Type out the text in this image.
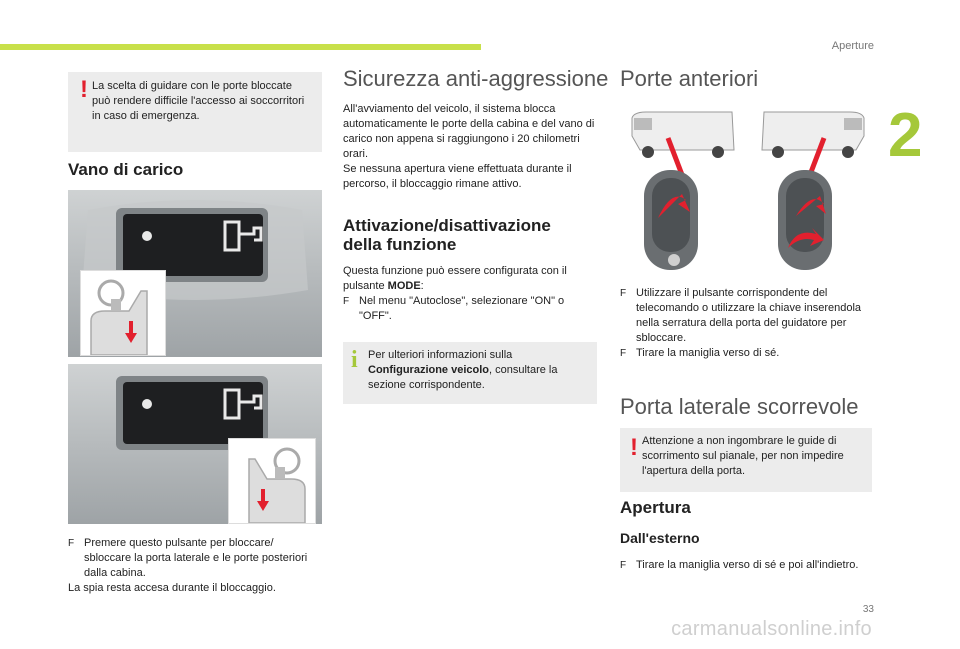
Aperture
2
! La scelta di guidare con le porte bloccate può rendere difficile l'accesso ai soccorritori in caso di emergenza.

Vano di carico
F Premere questo pulsante per bloccare/ sbloccare la porta laterale e le porte posteriori dalla cabina.

La spia resta accesa durante il bloccaggio.

Sicurezza anti-aggressione

All'avviamento del veicolo, il sistema blocca automaticamente le porte della cabina e del vano di carico non appena si raggiungono i 20 chilometri orari.

Se nessuna apertura viene effettuata durante il percorso, il bloccaggio rimane attivo.

Attivazione/disattivazione della funzione

Questa funzione può essere configurata con il pulsante MODE:

F Nel menu "Autoclose", selezionare "ON" o "OFF".
i Per ulteriori informazioni sulla Configurazione veicolo, consultare la sezione corrispondente.

Porte anteriori
F Utilizzare il pulsante corrispondente del telecomando o utilizzare la chiave inserendola nella serratura della porta del guidatore per sbloccare.
F Tirare la maniglia verso di sé.
Porta laterale scorrevole
! Attenzione a non ingombrare le guide di scorrimento sul pianale, per non impedire l'apertura della porta.

Apertura
Dall'esterno
F Tirare la maniglia verso di sé e poi all'indietro.
33
carmanualsonline.info
